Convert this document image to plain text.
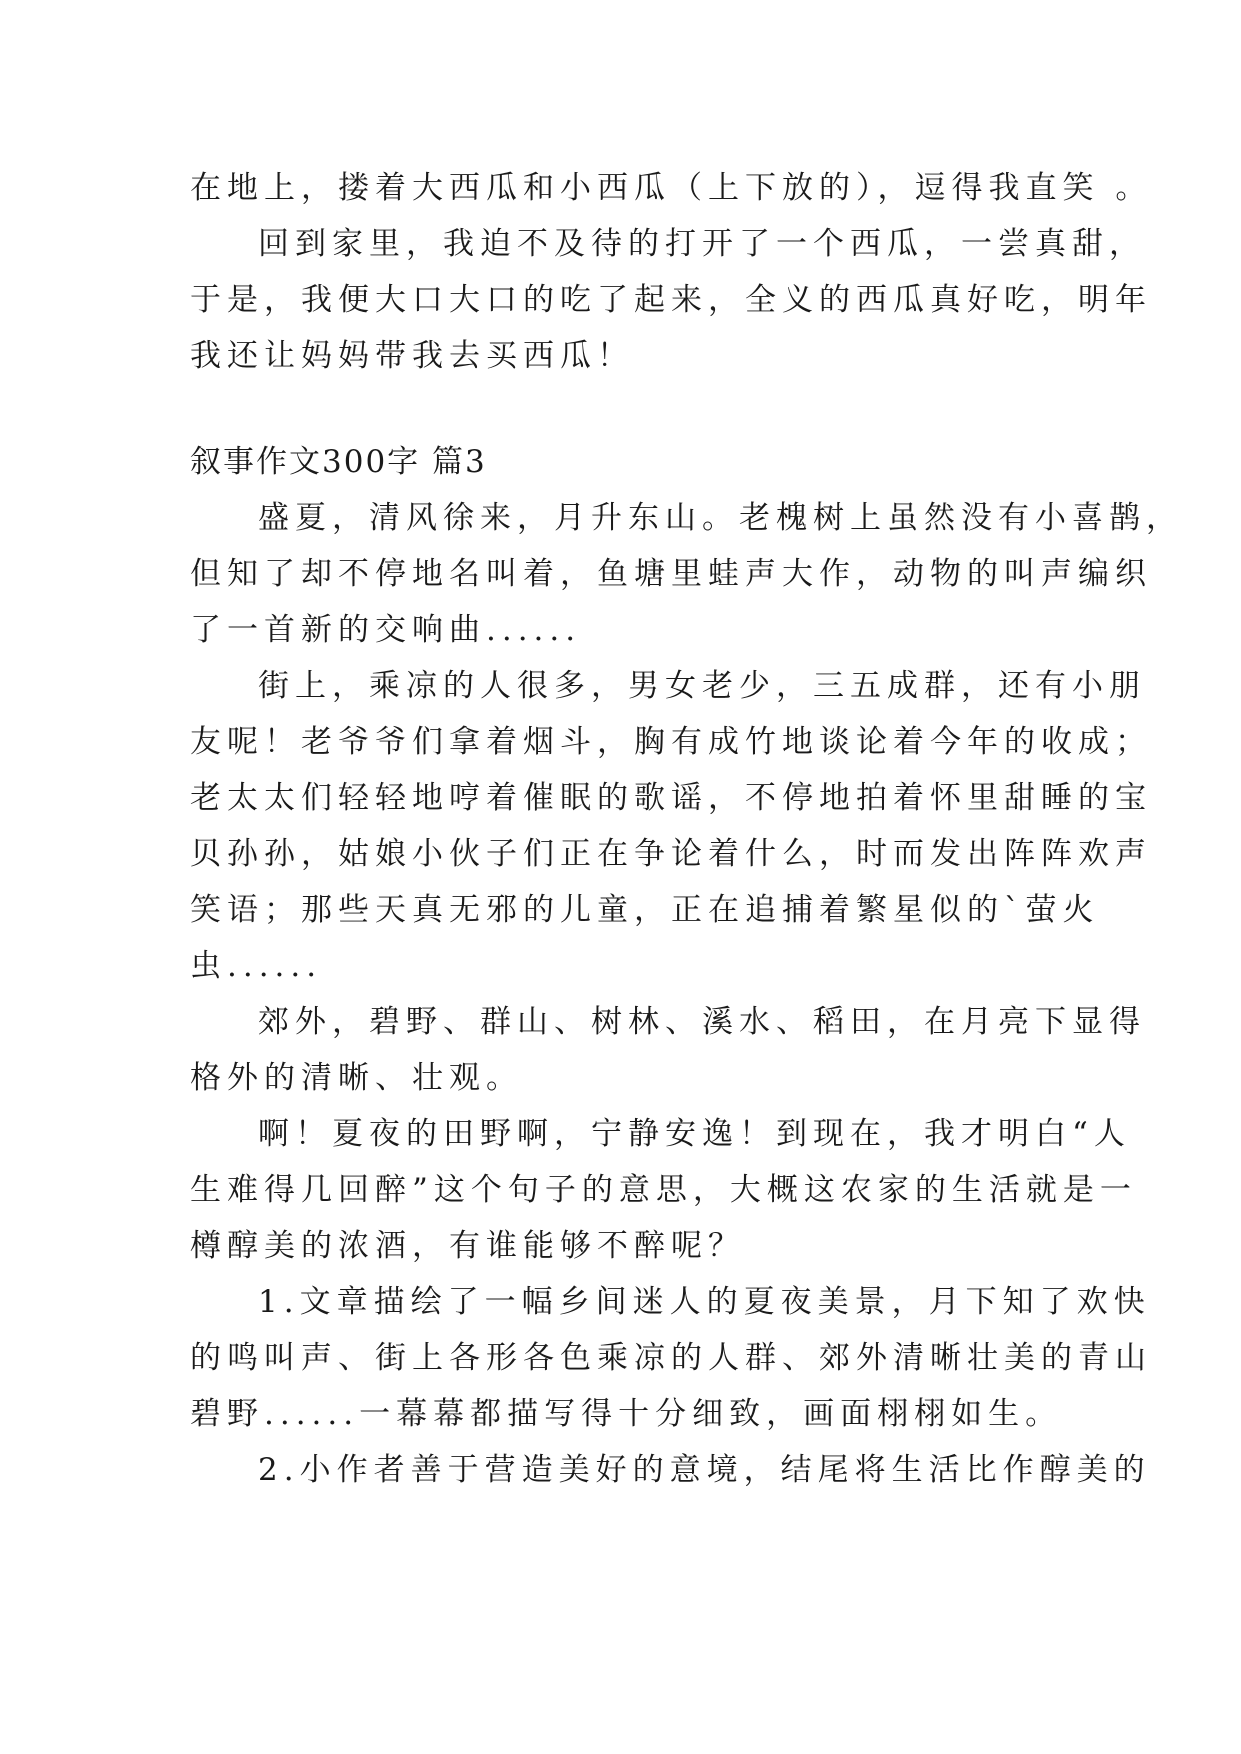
在地上，搂着大西瓜和小西瓜（上下放的），逗得我直笑 。
回到家里，我迫不及待的打开了一个西瓜，一尝真甜，
于是，我便大口大口的吃了起来，全义的西瓜真好吃，明年
我还让妈妈带我去买西瓜！
叙事作文300字 篇3
盛夏，清风徐来，月升东山。老槐树上虽然没有小喜鹊，
但知了却不停地名叫着，鱼塘里蛙声大作，动物的叫声编织
了一首新的交响曲......
街上，乘凉的人很多，男女老少，三五成群，还有小朋
友呢！老爷爷们拿着烟斗，胸有成竹地谈论着今年的收成；
老太太们轻轻地哼着催眠的歌谣，不停地拍着怀里甜睡的宝
贝孙孙，姑娘小伙子们正在争论着什么，时而发出阵阵欢声
笑语；那些天真无邪的儿童，正在追捕着繁星似的`萤火
虫......
郊外，碧野、群山、树林、溪水、稻田，在月亮下显得
格外的清晰、壮观。
啊！夏夜的田野啊，宁静安逸！到现在，我才明白“人
生难得几回醉”这个句子的意思，大概这农家的生活就是一
樽醇美的浓酒，有谁能够不醉呢？
1.文章描绘了一幅乡间迷人的夏夜美景，月下知了欢快
的鸣叫声、街上各形各色乘凉的人群、郊外清晰壮美的青山
碧野......一幕幕都描写得十分细致，画面栩栩如生。
2.小作者善于营造美好的意境，结尾将生活比作醇美的
